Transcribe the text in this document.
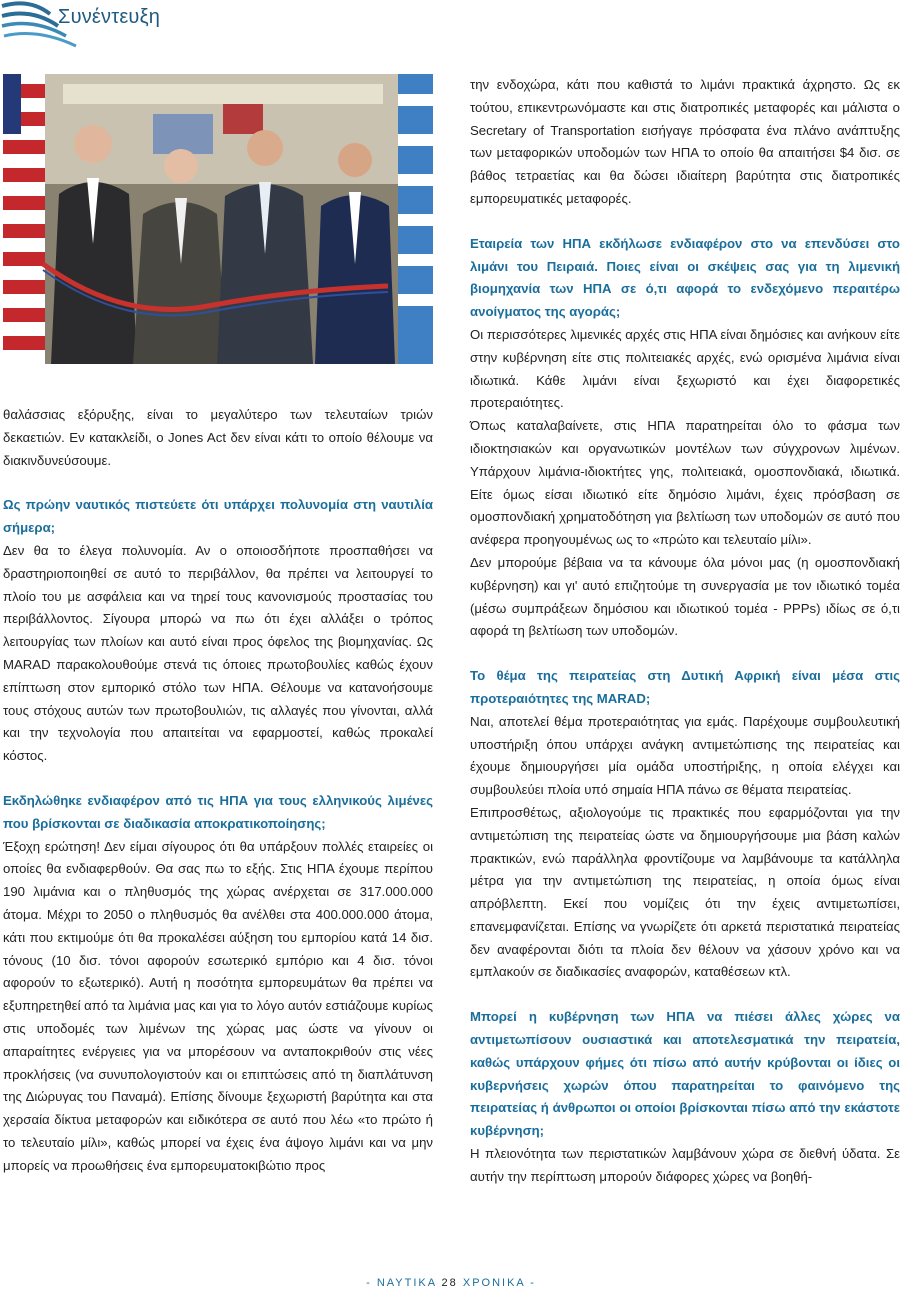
Συνέντευξη

θαλάσσιας εξόρυξης, είναι το μεγαλύτερο των τελευταίων τριών δεκαετιών. Εν κατακλείδι, ο Jones Act δεν είναι κάτι το οποίο θέλουμε να διακινδυνεύσουμε.

Ως πρώην ναυτικός πιστεύετε ότι υπάρχει πολυνομία στη ναυτιλία σήμερα;

Δεν θα το έλεγα πολυνομία. Αν ο οποιοσδήποτε προσπαθήσει να δραστηριοποιηθεί σε αυτό το περιβάλλον, θα πρέπει να λειτουργεί το πλοίο του με ασφάλεια και να τηρεί τους κανονισμούς προστασίας του περιβάλλοντος. Σίγουρα μπορώ να πω ότι έχει αλλάξει ο τρόπος λειτουργίας των πλοίων και αυτό είναι προς όφελος της βιομηχανίας. Ως MARAD παρακολουθούμε στενά τις όποιες πρωτοβουλίες καθώς έχουν επίπτωση στον εμπορικό στόλο των ΗΠΑ. Θέλουμε να κατανοήσουμε τους στόχους αυτών των πρωτοβουλιών, τις αλλαγές που γίνονται, αλλά και την τεχνολογία που απαιτείται να εφαρμοστεί, καθώς προκαλεί κόστος.

Εκδηλώθηκε ενδιαφέρον από τις ΗΠΑ για τους ελληνικούς λιμένες που βρίσκονται σε διαδικασία αποκρατικοποίησης;

Έξοχη ερώτηση! Δεν είμαι σίγουρος ότι θα υπάρξουν πολλές εταιρείες οι οποίες θα ενδιαφερθούν. Θα σας πω το εξής. Στις ΗΠΑ έχουμε περίπου 190 λιμάνια και ο πληθυσμός της χώρας ανέρχεται σε 317.000.000 άτομα. Μέχρι το 2050 ο πληθυσμός θα ανέλθει στα 400.000.000 άτομα, κάτι που εκτιμούμε ότι θα προκαλέσει αύξηση του εμπορίου κατά 14 δισ. τόνους (10 δισ. τόνοι αφορούν εσωτερικό εμπόριο και 4 δισ. τόνοι αφορούν το εξωτερικό). Αυτή η ποσότητα εμπορευμάτων θα πρέπει να εξυπηρετηθεί από τα λιμάνια μας και για το λόγο αυτόν εστιάζουμε κυρίως στις υποδομές των λιμένων της χώρας μας ώστε να γίνουν οι απαραίτητες ενέργειες για να μπορέσουν να ανταποκριθούν στις νέες προκλήσεις (να συνυπολογιστούν και οι επιπτώσεις από τη διαπλάτυνση της Διώρυγας του Παναμά). Επίσης δίνουμε ξεχωριστή βαρύτητα και στα χερσαία δίκτυα μεταφορών και ειδικότερα σε αυτό που λέω «το πρώτο ή το τελευταίο μίλι», καθώς μπορεί να έχεις ένα άψογο λιμάνι και να μην μπορείς να προωθήσεις ένα εμπορευματοκιβώτιο προς

την ενδοχώρα, κάτι που καθιστά το λιμάνι πρακτικά άχρηστο. Ως εκ τούτου, επικεντρωνόμαστε και στις διατροπικές μεταφορές και μάλιστα ο Secretary of Transportation εισήγαγε πρόσφατα ένα πλάνο ανάπτυξης των μεταφορικών υποδομών των ΗΠΑ το οποίο θα απαιτήσει $4 δισ. σε βάθος τετραετίας και θα δώσει ιδιαίτερη βαρύτητα στις διατροπικές εμπορευματικές μεταφορές.

Εταιρεία των ΗΠΑ εκδήλωσε ενδιαφέρον στο να επενδύσει στο λιμάνι του Πειραιά. Ποιες είναι οι σκέψεις σας για τη λιμενική βιομηχανία των ΗΠΑ σε ό,τι αφορά το ενδεχόμενο περαιτέρω ανοίγματος της αγοράς;

Οι περισσότερες λιμενικές αρχές στις ΗΠΑ είναι δημόσιες και ανήκουν είτε στην κυβέρνηση είτε στις πολιτειακές αρχές, ενώ ορισμένα λιμάνια είναι ιδιωτικά. Κάθε λιμάνι είναι ξεχωριστό και έχει διαφορετικές προτεραιότητες.

Όπως καταλαβαίνετε, στις ΗΠΑ παρατηρείται όλο το φάσμα των ιδιοκτησιακών και οργανωτικών μοντέλων των σύγχρονων λιμένων. Υπάρχουν λιμάνια-ιδιοκτήτες γης, πολιτειακά, ομοσπονδιακά, ιδιωτικά. Είτε όμως είσαι ιδιωτικό είτε δημόσιο λιμάνι, έχεις πρόσβαση σε ομοσπονδιακή χρηματοδότηση για βελτίωση των υποδομών σε αυτό που ανέφερα προηγουμένως ως το «πρώτο και τελευταίο μίλι».

Δεν μπορούμε βέβαια να τα κάνουμε όλα μόνοι μας (η ομοσπονδιακή κυβέρνηση) και γι' αυτό επιζητούμε τη συνεργασία με τον ιδιωτικό τομέα (μέσω συμπράξεων δημόσιου και ιδιωτικού τομέα - PPPs) ιδίως σε ό,τι αφορά τη βελτίωση των υποδομών.

Το θέμα της πειρατείας στη Δυτική Αφρική είναι μέσα στις προτεραιότητες της MARAD;

Ναι, αποτελεί θέμα προτεραιότητας για εμάς. Παρέχουμε συμβουλευτική υποστήριξη όπου υπάρχει ανάγκη αντιμετώπισης της πειρατείας και έχουμε δημιουργήσει μία ομάδα υποστήριξης, η οποία ελέγχει και συμβουλεύει πλοία υπό σημαία ΗΠΑ πάνω σε θέματα πειρατείας.

Επιπροσθέτως, αξιολογούμε τις πρακτικές που εφαρμόζονται για την αντιμετώπιση της πειρατείας ώστε να δημιουργήσουμε μια βάση καλών πρακτικών, ενώ παράλληλα φροντίζουμε να λαμβάνουμε τα κατάλληλα μέτρα για την αντιμετώπιση της πειρατείας, η οποία όμως είναι απρόβλεπτη. Εκεί που νομίζεις ότι την έχεις αντιμετωπίσει, επανεμφανίζεται. Επίσης να γνωρίζετε ότι αρκετά περιστατικά πειρατείας δεν αναφέρονται διότι τα πλοία δεν θέλουν να χάσουν χρόνο και να εμπλακούν σε διαδικασίες αναφορών, καταθέσεων κτλ.

Μπορεί η κυβέρνηση των ΗΠΑ να πιέσει άλλες χώρες να αντιμετωπίσουν ουσιαστικά και αποτελεσματικά την πειρατεία, καθώς υπάρχουν φήμες ότι πίσω από αυτήν κρύβονται οι ίδιες οι κυβερνήσεις χωρών όπου παρατηρείται το φαινόμενο της πειρατείας ή άνθρωποι οι οποίοι βρίσκονται πίσω από την εκάστοτε κυβέρνηση;

Η πλειονότητα των περιστατικών λαμβάνουν χώρα σε διεθνή ύδατα. Σε αυτήν την περίπτωση μπορούν διάφορες χώρες να βοηθή-

- ΝΑΥΤΙΚΑ 28 ΧΡΟΝΙΚΑ -
